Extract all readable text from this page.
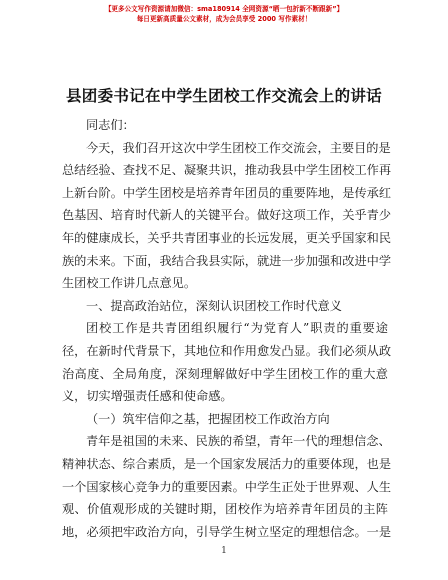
【更多公文写作资源请加微信：sma180914 全网资源“晒一包折新不断跟新”】
每日更新高质量公文素材，成为会员享受 2000 写作素材！
县团委书记在中学生团校工作交流会上的讲话
同志们：
今天，我们召开这次中学生团校工作交流会，主要目的是
总结经验、查找不足、凝聚共识，推动我县中学生团校工作再
上新台阶。中学生团校是培养青年团员的重要阵地，是传承红
色基因、培育时代新人的关键平台。做好这项工作，关乎青少
年的健康成长，关乎共青团事业的长远发展，更关乎国家和民
族的未来。下面，我结合我县实际，就进一步加强和改进中学
生团校工作讲几点意见。
一、提高政治站位，深刻认识团校工作时代意义
团校工作是共青团组织履行“为党育人”职责的重要途
径，在新时代背景下，其地位和作用愈发凸显。我们必须从政
治高度、全局角度，深刻理解做好中学生团校工作的重大意
义，切实增强责任感和使命感。
（一）筑牢信仰之基，把握团校工作政治方向
青年是祖国的未来、民族的希望，青年一代的理想信念、
精神状态、综合素质，是一个国家发展活力的重要体现，也是
一个国家核心竞争力的重要因素。中学生正处于世界观、人生
观、价值观形成的关键时期，团校作为培养青年团员的主阵
地，必须把牢政治方向，引导学生树立坚定的理想信念。一是
1
